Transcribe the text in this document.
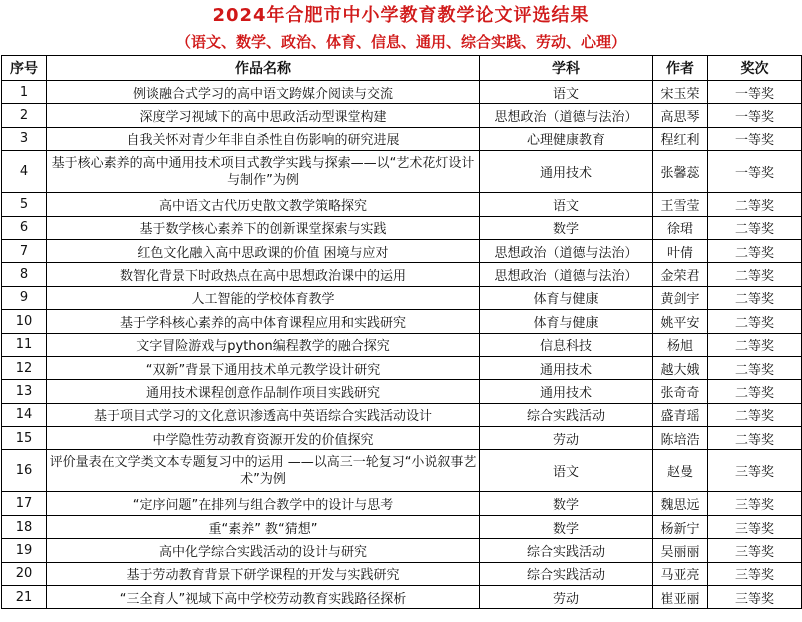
2024年合肥市中小学教育教学论文评选结果
（语文、数学、政治、体育、信息、通用、综合实践、劳动、心理）
序号	作品名称	学科	作者	奖次
1	例谈融合式学习的高中语文跨媒介阅读与交流	语文	宋玉荣	一等奖
2	深度学习视域下的高中思政活动型课堂构建	思想政治（道德与法治）	高思琴	一等奖
3	自我关怀对青少年非自杀性自伤影响的研究进展	心理健康教育	程红利	一等奖
4	基于核心素养的高中通用技术项目式教学实践与探索——以“艺术花灯设计与制作”为例	通用技术	张馨蕊	一等奖
5	高中语文古代历史散文教学策略探究	语文	王雪莹	二等奖
6	基于数学核心素养下的创新课堂探索与实践	数学	徐珺	二等奖
7	红色文化融入高中思政课的价值 困境与应对	思想政治（道德与法治）	叶倩	二等奖
8	数智化背景下时政热点在高中思想政治课中的运用	思想政治（道德与法治）	金荣君	二等奖
9	人工智能的学校体育教学	体育与健康	黄剑宇	二等奖
10	基于学科核心素养的高中体育课程应用和实践研究	体育与健康	姚平安	二等奖
11	文字冒险游戏与python编程教学的融合探究	信息科技	杨旭	二等奖
12	“双新”背景下通用技术单元教学设计研究	通用技术	越大娥	二等奖
13	通用技术课程创意作品制作项目实践研究	通用技术	张奇奇	二等奖
14	基于项目式学习的文化意识渗透高中英语综合实践活动设计	综合实践活动	盛青瑶	二等奖
15	中学隐性劳动教育资源开发的价值探究	劳动	陈培浩	二等奖
16	评价量表在文学类文本专题复习中的运用 ——以高三一轮复习“小说叙事艺术”为例	语文	赵曼	三等奖
17	“定序问题”在排列与组合教学中的设计与思考	数学	魏思远	三等奖
18	重“素养” 教“猜想”	数学	杨新宁	三等奖
19	高中化学综合实践活动的设计与研究	综合实践活动	吴丽丽	三等奖
20	基于劳动教育背景下研学课程的开发与实践研究	综合实践活动	马亚亮	三等奖
21	“三全育人”视域下高中学校劳动教育实践路径探析	劳动	崔亚丽	三等奖
